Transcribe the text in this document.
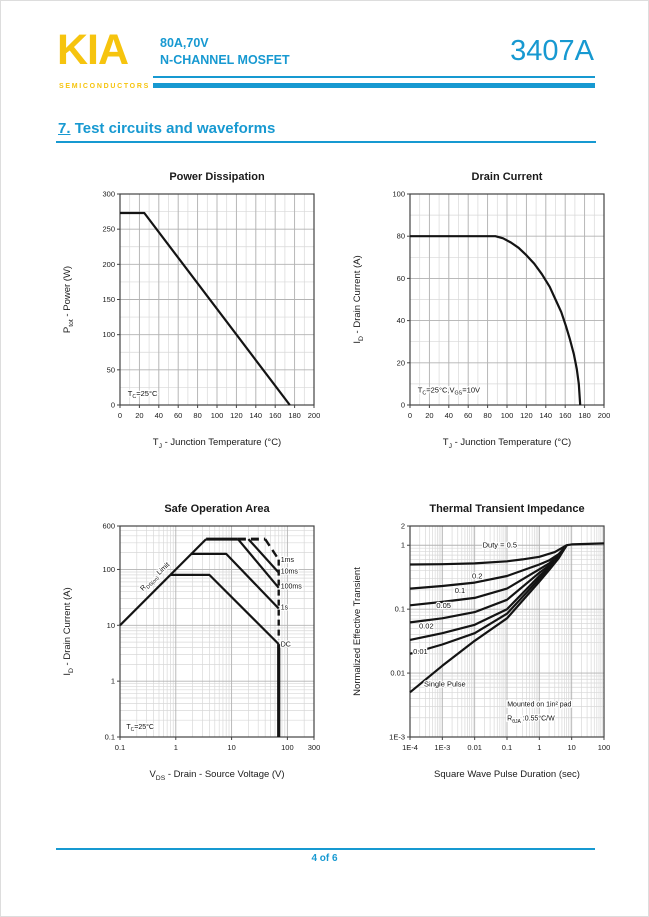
KIA
SEMICONDUCTORS
80A,70V
N-CHANNEL MOSFET	3407A
7. Test circuits and waveforms
0 20 40 60 80 100 120 140 160 180 200
0
50
100
150
200
250
300
$T_C=25^\circ C$
Power Dissipation
$T_J$ - Junction Temperature (°C)
$P_{tot}$ - Power (W)
0 20 40 60 80 100 120 140 160 180 200
0
20
40
60
80
100
$T_C=25^\circ C,V_{GS}=10V$
Drain Current
$T_J$ - Junction Temperature (°C)
$I_D$ - Drain Current (A)
0.1	1	10	100 300
0.1
1
10
100
600
$R_{DS(on)}$ Limit
1ms
10ms
100ms
1s
DC
$T_C=25^\circ C$
Safe Operation Area
$V_{DS}$ - Drain - Source Voltage (V)
$I_D$ - Drain Current (A)
1E-4 1E-3 0.01	0.1	1	10	100
1E-3
0.01
0.1
1
2
Duty = 0.5
0.2
0.1
0.05
0.02
0.01
Single Pulse
Mounted on 1in² pad
$R_{\theta JA}$ :0.55°C/W
Thermal Transient Impedance
Square Wave Pulse Duration (sec)
Normalized Effective Transient
4 of 6
